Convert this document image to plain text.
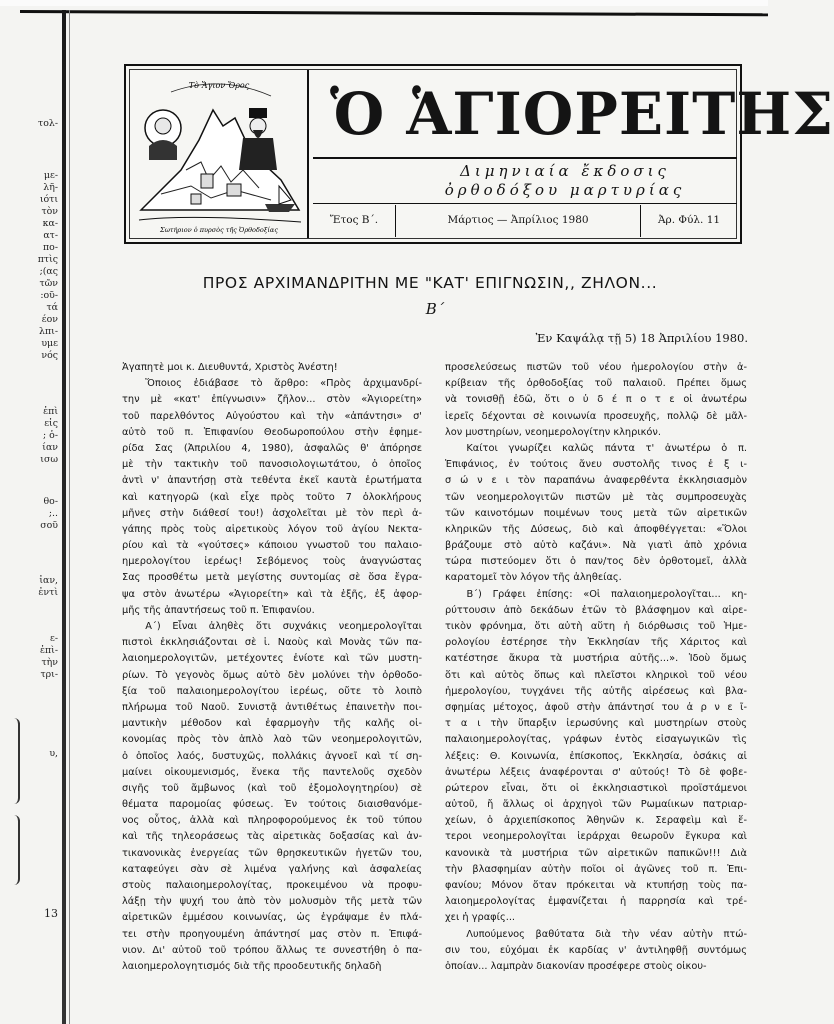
τολ-
με-
λῆ-
ιότι
τὸν
κα-
ατ-
πο-
πτὶς
;(ας
τῶν
:οῦ-
τά
έον
λπι-
υμε
νός
ἐπὶ
εἰς
; ὁ-
ίαν
ισω
θο-
;..
σοῦ
ἰαν,
ἐντὶ
ε-
ἐπὶ-
τὴν
τρι-
υ,
13
Τὸ Ἅγιον Ὄρος
Σωτήριον ὁ πυρσὸς τῆς Ὀρθοδοξίας
Ὁ ἉΓΙΟΡΕΙΤΗΣ
Διμηνιαία ἔκδοσις
ὀρθοδόξου μαρτυρίας
Ἔτος Β΄.	Μάρτιος — Ἀπρίλιος 1980	Ἀρ. Φύλ. 11
ΠΡΟΣ ΑΡΧΙΜΑΝΔΡΙΤΗΝ ΜΕ "ΚΑΤ' ΕΠΙΓΝΩΣΙΝ,, ΖΗΛΟΝ...
Β΄
Ἐν Καψάλᾳ τῇ 5) 18 Ἀπριλίου 1980.
Ἀγαπητὲ μοι κ. Διευθυντά, Χριστὸς Ἀνέστη!
Ὅποιος ἐδιάβασε τὸ ἄρθρο: «Πρὸς ἀρχιμανδρί-
την μὲ «κατ' ἐπίγνωσιν» ζῆλον... στὸν «Ἁγιορείτη»
τοῦ παρελθόντος Αὐγούστου καὶ τὴν «ἀπάντησι» σ'
αὐτὸ τοῦ π. Ἐπιφανίου Θεοδωροπούλου στὴν ἐφημε-
ρίδα Σας (Ἀπριλίου 4, 1980), ἀσφαλῶς θ' ἀπόρησε
μὲ τὴν τακτικὴν τοῦ πανοσιολογιωτάτου, ὁ ὁποῖος
ἀντὶ ν' ἀπαντήσῃ στὰ τεθέντα ἐκεῖ καυτὰ ἐρωτήματα
καὶ κατηγορῶ (καὶ εἶχε πρὸς τοῦτο 7 ὁλοκλήρους
μῆνες στὴν διάθεσί του!) ἀσχολεῖται μὲ τὸν περὶ ἀ-
γάπης πρὸς τοὺς αἱρετικοὺς λόγον τοῦ ἁγίου Νεκτα-
ρίου καὶ τὰ «γούτσες» κάποιου γνωστοῦ του παλαιο-
ημερολογίτου ἱερέως! Σεβόμενος τοὺς ἀναγνώστας
Σας προσθέτω μετὰ μεγίστης συντομίας σὲ ὅσα ἔγρα-
ψα στὸν ἀνωτέρω «Ἁγιορείτη» καὶ τὰ ἑξῆς, ἐξ ἀφορ-
μῆς τῆς ἀπαντήσεως τοῦ π. Ἐπιφανίου.
Α΄) Εἶναι ἀληθὲς ὅτι συχνάκις νεοημερολογῖται
πιστοὶ ἐκκλησιάζονται σὲ ἱ. Ναοὺς καὶ Μονὰς τῶν πα-
λαιοημερολογιτῶν, μετέχοντες ἐνίοτε καὶ τῶν μυστη-
ρίων. Τὸ γεγονὸς ὅμως αὐτὸ δὲν μολύνει τὴν ὀρθοδο-
ξία τοῦ παλαιοημερολογίτου ἱερέως, οὔτε τὸ λοιπὸ
πλήρωμα τοῦ Ναοῦ. Συνιστᾷ ἀντιθέτως ἐπαινετὴν ποι-
μαντικὴν μέθοδον καὶ ἐφαρμογὴν τῆς καλῆς οἰ-
κονομίας πρὸς τὸν ἁπλὸ λαὸ τῶν νεοημερολογιτῶν,
ὁ ὁποῖος λαός, δυστυχῶς, πολλάκις ἀγνοεῖ καὶ τί ση-
μαίνει οἰκουμενισμός, ἕνεκα τῆς παντελοῦς σχεδὸν
σιγῆς τοῦ ἄμβωνος (καὶ τοῦ ἐξομολογητηρίου) σὲ
θέματα παρομοίας φύσεως. Ἐν τούτοις διαισθανόμε-
νος οὗτος, ἀλλὰ καὶ πληροφορούμενος ἐκ τοῦ τύπου
καὶ τῆς τηλεοράσεως τὰς αἱρετικὰς δοξασίας καὶ ἀν-
τικανονικὰς ἐνεργείας τῶν θρησκευτικῶν ἡγετῶν του,
καταφεύγει σὰν σὲ λιμένα γαλήνης καὶ ἀσφαλείας
στοὺς παλαιοημερολογίτας, προκειμένου νὰ προφυ-
λάξῃ τὴν ψυχή του ἀπὸ τὸν μολυσμὸν τῆς μετὰ τῶν
αἱρετικῶν ἐμμέσου κοινωνίας, ὡς ἐγράψαμε ἐν πλά-
τει στὴν προηγουμένη ἀπάντησί μας στὸν π. Ἐπιφά-
νιον. Δι' αὐτοῦ τοῦ τρόπου ἄλλως τε συνεστήθη ὁ πα-
λαιοημερολογητισμός διὰ τῆς προοδευτικῆς δηλαδὴ
προσελεύσεως πιστῶν τοῦ νέου ἡμερολογίου στὴν ἀ-
κρίβειαν τῆς ὀρθοδοξίας τοῦ παλαιοῦ. Πρέπει ὅμως
νὰ τονισθῇ ἐδῶ, ὅτι ο ὐ δ έ π ο τ ε οἱ ἀνωτέρω
ἱερεῖς δέχονται σὲ κοινωνία προσευχῆς, πολλῷ δὲ μᾶλ-
λον μυστηρίων, νεοημερολογίτην κληρικόν.
Καίτοι γνωρίζει καλῶς πάντα τ' ἀνωτέρω ὁ π.
Ἐπιφάνιος, ἐν τούτοις ἄνευ συστολῆς τινος ἐ ξ ι-
σ ώ ν ε ι τὸν παραπάνω ἀναφερθέντα ἐκκλησιασμὸν
τῶν νεοημερολογιτῶν πιστῶν μὲ τὰς συμπροσευχὰς
τῶν καινοτόμων ποιμένων τους μετὰ τῶν αἱρετικῶν
κληρικῶν τῆς Δύσεως, διὸ καὶ ἀποφθέγγεται: «Ὅλοι
βράζουμε στὸ αὐτὸ καζάνι». Νὰ γιατὶ ἀπὸ χρόνια
τώρα πιστεύομεν ὅτι ὁ παν/τος δὲν ὀρθοτομεῖ, ἀλλὰ
καρατομεῖ τὸν λόγον τῆς ἀληθείας.
Β΄) Γράφει ἐπίσης: «Οἱ παλαιοημερολογῖται... κη-
ρύττουσιν ἀπὸ δεκάδων ἐτῶν τὸ βλάσφημον καὶ αἱρε-
τικὸν φρόνημα, ὅτι αὐτὴ αὕτη ἡ διόρθωσις τοῦ Ἡμε-
ρολογίου ἐστέρησε τὴν Ἐκκλησίαν τῆς Χάριτος καὶ
κατέστησε ἄκυρα τὰ μυστήρια αὐτῆς...». Ἰδοὺ ὅμως
ὅτι καὶ αὐτὸς ὅπως καὶ πλεῖστοι κληρικοὶ τοῦ νέου
ἡμερολογίου, τυγχάνει τῆς αὐτῆς αἱρέσεως καὶ βλα-
σφημίας μέτοχος, ἀφοῦ στὴν ἀπάντησί του ἀ ρ ν ε ῖ-
τ α ι τὴν ὕπαρξιν ἱερωσύνης καὶ μυστηρίων στοὺς
παλαιοημερολογίτας, γράφων ἐντὸς εἰσαγωγικῶν τὶς
λέξεις: Θ. Κοινωνία, ἐπίσκοπος, Ἐκκλησία, ὁσάκις αἱ
ἀνωτέρω λέξεις ἀναφέρονται σ' αὐτούς! Τὸ δὲ φοβε-
ρώτερον εἶναι, ὅτι οἱ ἐκκλησιαστικοὶ προϊστάμενοι
αὐτοῦ, ἤ ἄλλως οἱ ἀρχηγοὶ τῶν Ρωμαίικων πατριαρ-
χείων, ὁ ἀρχιεπίσκοπος Ἀθηνῶν κ. Σεραφεὶμ καὶ ἕ-
τεροι νεοημερολογῖται ἱεράρχαι θεωροῦν ἔγκυρα καὶ
κανονικὰ τὰ μυστήρια τῶν αἱρετικῶν παπικῶν!!! Διὰ
τὴν βλασφημίαν αὐτὴν ποῖοι οἱ ἀγῶνες τοῦ π. Ἐπι-
φανίου; Μόνον ὅταν πρόκειται νὰ κτυπήσῃ τοὺς πα-
λαιοημερολογίτας ἐμφανίζεται ἡ παρρησία καὶ τρέ-
χει ἡ γραφίς...
Λυπούμενος βαθύτατα διὰ τὴν νέαν αὐτὴν πτώ-
σιν του, εὐχόμαι ἐκ καρδίας ν' ἀντιληφθῇ συντόμως
ὁποίαν... λαμπρὰν διακονίαν προσέφερε στοὺς οἰκου-
